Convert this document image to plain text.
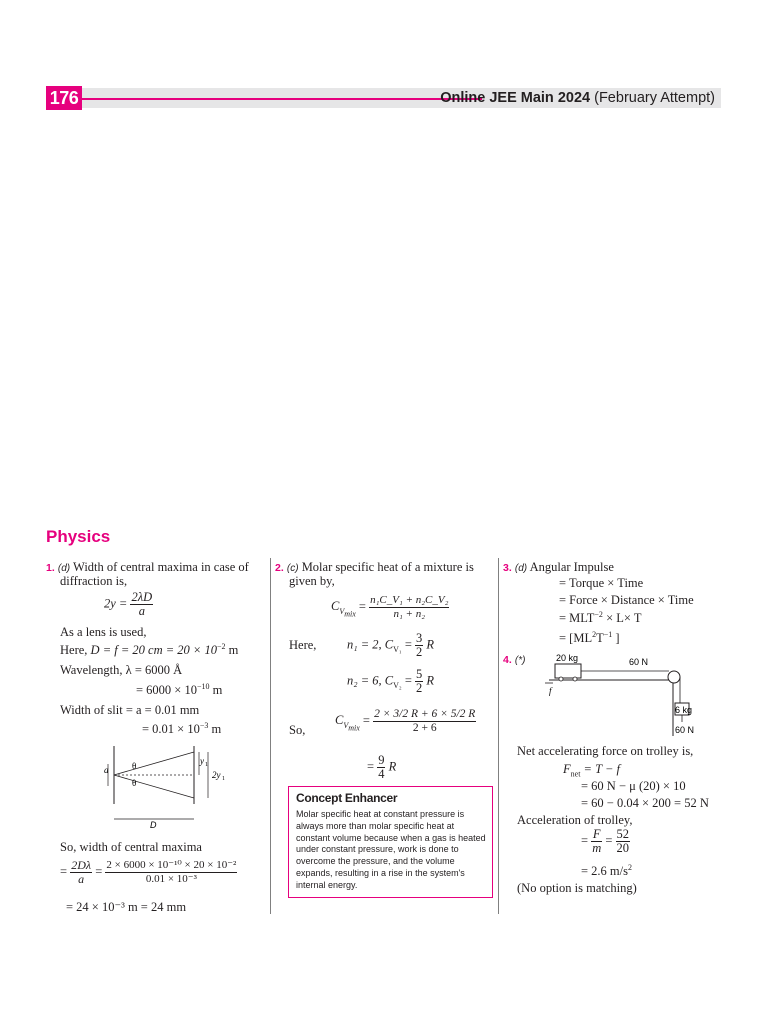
176	Online JEE Main 2024 (February Attempt)
Physics
1. (d) Width of central maxima in case of
diffraction is,
$2y = \frac{2\lambda D}{a}$
As a lens is used,
Here, D = f = 20 cm = $20 \times 10^{-2}$ m
Wavelength, λ = 6000 Å
= $6000 \times 10^{-10}$ m
Width of slit = a = 0.01 mm
= $0.01 \times 10^{-3}$ m
a	θ
θ
y 1
2y 1
D
So, width of central maxima
= $\frac{2D\lambda}{a} = \frac{\text{2 × 6000 × 10⁻¹⁰ × 20 × 10⁻²}}{\text{0.01 × 10⁻³}}$
= 24 × 10⁻³ m = 24 mm
2. (c) Molar specific heat of a mixture is
given by,
$C_{V_{mix}} = \frac{\text{n₁C\_V₁ + n₂C\_V₂}}{\text{n₁ + n₂}}$
Here, n₁ = 2, $C_{V_1} = \frac{3}{2}$ R
n₂ = 6, $C_{V_2} = \frac{5}{2}$ R
So,
$C_{V_{mix}} = \frac{2 \times 3/2 R + 6 \times 5/2 R}{2 + 6}$
= $\frac{9}{4}$ R
Concept Enhancer
Molar specific heat at constant pressure is always more than molar specific heat at constant volume because when a gas is heated under constant pressure, work is done to overcome the pressure, and the volume expands, resulting in a rise in the system's internal energy.
3. (d) Angular Impulse
= Torque × Time
= Force × Distance × Time
= $MLT^{-2} \times L\times T$
= [$ML^2T^{-1}$ ]
4. (*)	20 kg	60 N
f
6 kg
60 N
Net accelerating force on trolley is,
$F_{net} = T - f$
= 60 N − μ (20) × 10
= 60 − 0.04 × 200 = 52 N
Acceleration of trolley,
= $\frac{F}{m} = \frac{52}{20}$
= 2.6 $m/s^2$
(No option is matching)
